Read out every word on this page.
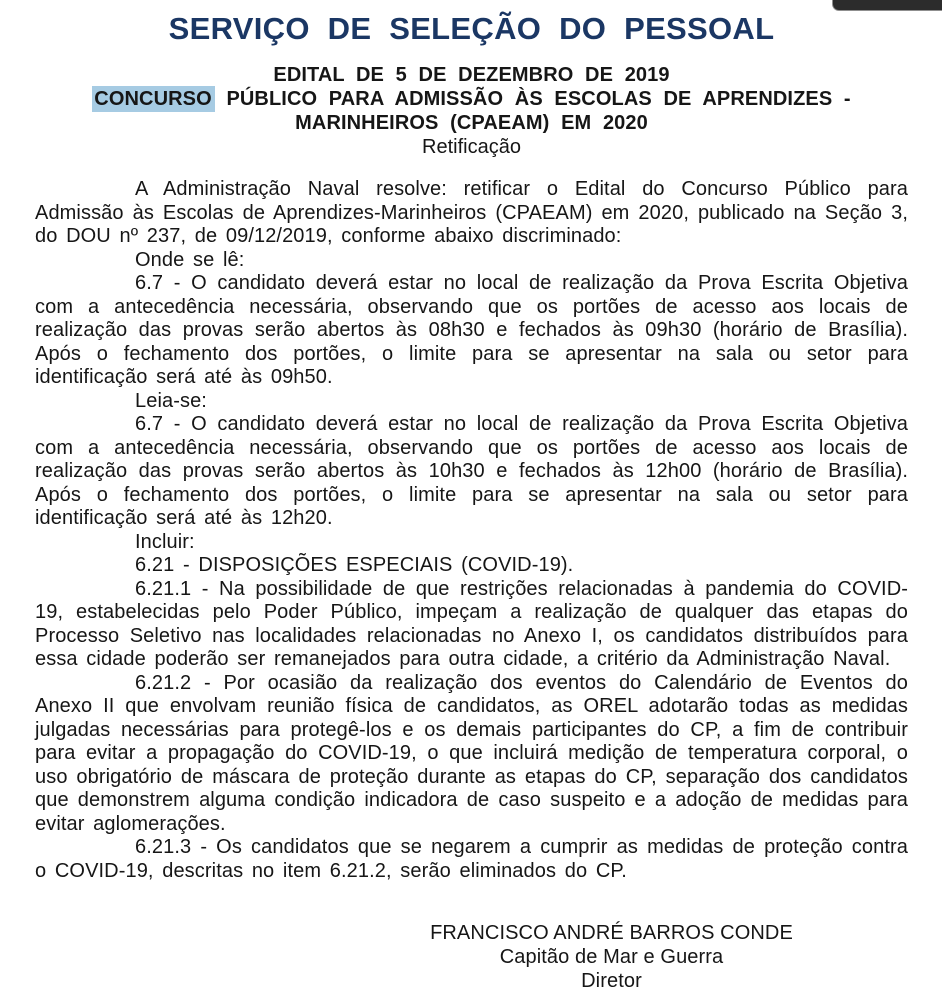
SERVIÇO DE SELEÇÃO DO PESSOAL
EDITAL DE 5 DE DEZEMBRO DE 2019
CONCURSO PÚBLICO PARA ADMISSÃO ÀS ESCOLAS DE APRENDIZES -
MARINHEIROS (CPAEAM) EM 2020
Retificação

A Administração Naval resolve: retificar o Edital do Concurso Público para Admissão às Escolas de Aprendizes-Marinheiros (CPAEAM) em 2020, publicado na Seção 3, do DOU nº 237, de 09/12/2019, conforme abaixo discriminado:

Onde se lê:

6.7 - O candidato deverá estar no local de realização da Prova Escrita Objetiva com a antecedência necessária, observando que os portões de acesso aos locais de realização das provas serão abertos às 08h30 e fechados às 09h30 (horário de Brasília). Após o fechamento dos portões, o limite para se apresentar na sala ou setor para identificação será até às 09h50.

Leia-se:

6.7 - O candidato deverá estar no local de realização da Prova Escrita Objetiva com a antecedência necessária, observando que os portões de acesso aos locais de realização das provas serão abertos às 10h30 e fechados às 12h00 (horário de Brasília). Após o fechamento dos portões, o limite para se apresentar na sala ou setor para identificação será até às 12h20.

Incluir:

6.21 - DISPOSIÇÕES ESPECIAIS (COVID-19).

6.21.1 - Na possibilidade de que restrições relacionadas à pandemia do COVID-19, estabelecidas pelo Poder Público, impeçam a realização de qualquer das etapas do Processo Seletivo nas localidades relacionadas no Anexo I, os candidatos distribuídos para essa cidade poderão ser remanejados para outra cidade, a critério da Administração Naval.

6.21.2 - Por ocasião da realização dos eventos do Calendário de Eventos do Anexo II que envolvam reunião física de candidatos, as OREL adotarão todas as medidas julgadas necessárias para protegê-los e os demais participantes do CP, a fim de contribuir para evitar a propagação do COVID-19, o que incluirá medição de temperatura corporal, o uso obrigatório de máscara de proteção durante as etapas do CP, separação dos candidatos que demonstrem alguma condição indicadora de caso suspeito e a adoção de medidas para evitar aglomerações.

6.21.3 - Os candidatos que se negarem a cumprir as medidas de proteção contra o COVID-19, descritas no item 6.21.2, serão eliminados do CP.

FRANCISCO ANDRÉ BARROS CONDE
Capitão de Mar e Guerra
Diretor
